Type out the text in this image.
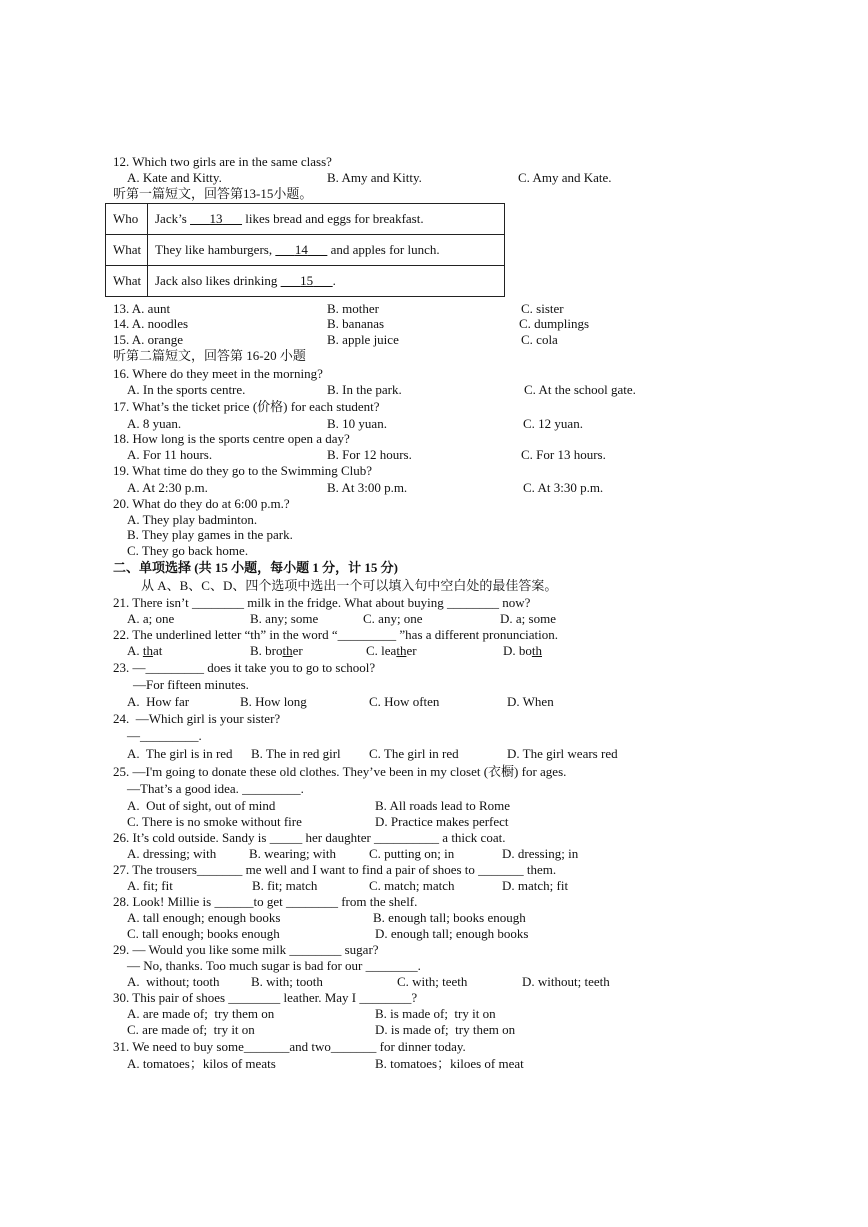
12. Which two girls are in the same class?
A. Kate and Kitty.	B. Amy and Kitty.	C. Amy and Kate.
听第一篇短文，回答第13-15小题。
Who	Jack’s       13       likes bread and eggs for breakfast.
What	They like hamburgers,       14       and apples for lunch.
What	Jack also likes drinking       15 .
13. A. aunt	B. mother	C. sister
14. A. noodles	B. bananas	C. dumplings
15. A. orange	B. apple juice	C. cola
听第二篇短文，回答第 16-20 小题
16. Where do they meet in the morning?
A. In the sports centre.	B. In the park.	C. At the school gate.
17. What’s the ticket price (价格) for each student?
A. 8 yuan.	B. 10 yuan.	C. 12 yuan.
18. How long is the sports centre open a day?
A. For 11 hours.	B. For 12 hours.	C. For 13 hours.
19. What time do they go to the Swimming Club?
A. At 2:30 p.m.	B. At 3:00 p.m.	C. At 3:30 p.m.
20. What do they do at 6:00 p.m.?
A. They play badminton.
B. They play games in the park.
C. They go back home.
二、单项选择 (共 15 小题，每小题 1 分，计 15 分)
从 A、B、C、D、四个选项中选出一个可以填入句中空白处的最佳答案。
21. There isn’t ________ milk in the fridge. What about buying ________ now?
A. a; one	B. any; some	C. any; one	D. a; some
22. The underlined letter “th” in the word “_________ ”has a different pronunciation.
A. that	B. brother	C. leather	D. both
23. —_________ does it take you to go to school?
—For fifteen minutes.
A.  How far	B. How long	C. How often	D. When
24.  —Which girl is your sister?
—_________.
A.  The girl is in red B. The in red girl C. The girl in red	D. The girl wears red
25. —I'm going to donate these old clothes. They’ve been in my closet (衣橱) for ages.
—That’s a good idea. _________.
A.  Out of sight, out of mind	B. All roads lead to Rome
C. There is no smoke without fire	D. Practice makes perfect
26. It’s cold outside. Sandy is _____ her daughter __________ a thick coat.
A. dressing; with	B. wearing; with	C. putting on; in	D. dressing; in
27. The trousers_______ me well and I want to find a pair of shoes to _______ them.
A. fit; fit	B. fit; match	C. match; match	D. match; fit
28. Look! Millie is ______to get ________ from the shelf.
A. tall enough; enough books	B. enough tall; books enough
C. tall enough; books enough	D. enough tall; enough books
29. — Would you like some milk ________ sugar?
— No, thanks. Too much sugar is bad for our ________.
A.  without; tooth B. with; tooth	C. with; teeth	D. without; teeth
30. This pair of shoes ________ leather. May I ________?
A. are made of;  try them on	B. is made of;  try it on
C. are made of;  try it on	D. is made of;  try them on
31. We need to buy some_______and two_______ for dinner today.
A. tomatoes；kilos of meats	B. tomatoes；kiloes of meat
